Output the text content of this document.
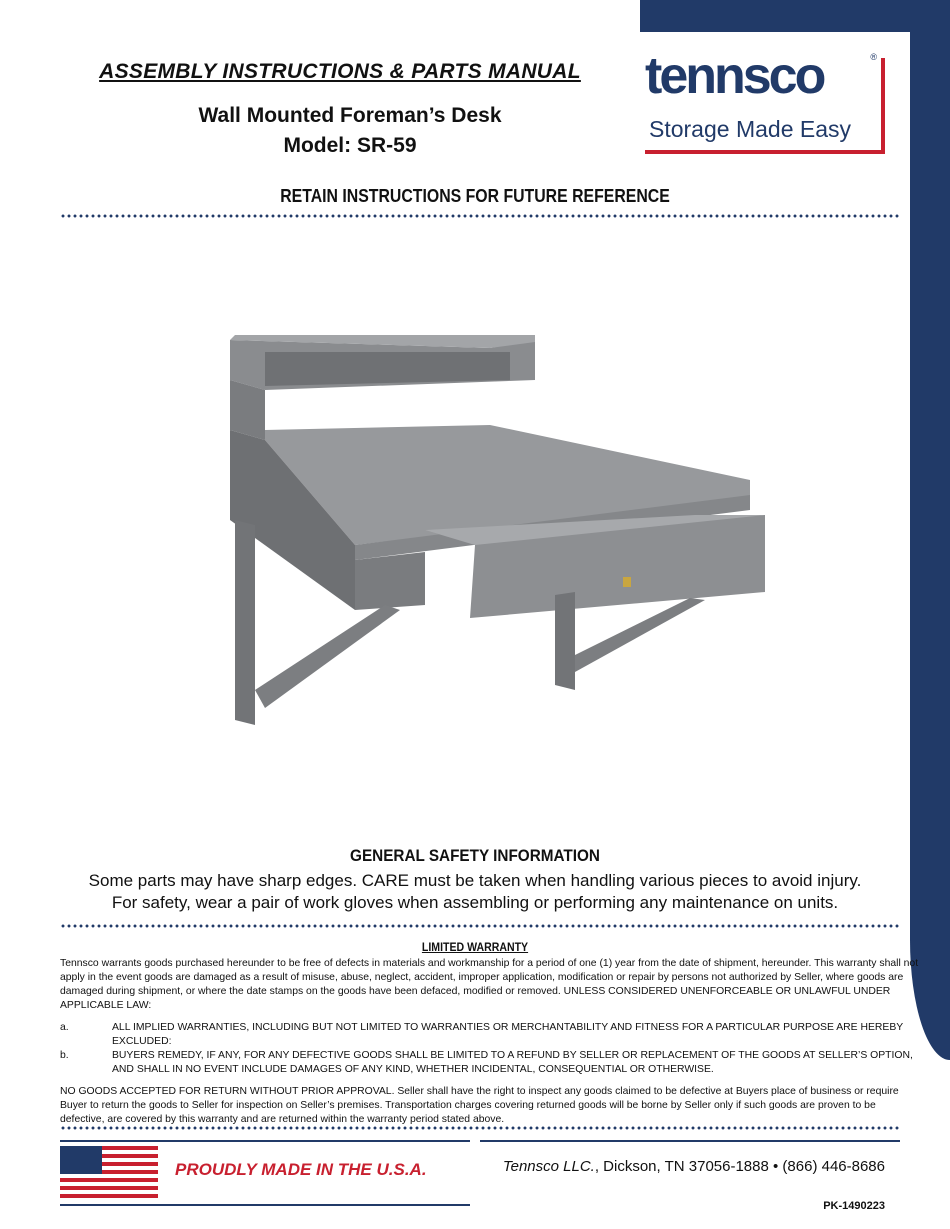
ASSEMBLY INSTRUCTIONS & PARTS MANUAL
Wall Mounted Foreman’s Desk
Model: SR-59
tennsco
Storage Made Easy
®
RETAIN INSTRUCTIONS FOR FUTURE REFERENCE
GENERAL SAFETY INFORMATION
Some parts may have sharp edges. CARE must be taken when handling various pieces to avoid injury.
For safety, wear a pair of work gloves when assembling or performing any maintenance on units.
LIMITED WARRANTY

Tennsco warrants goods purchased hereunder to be free of defects in materials and workmanship for a period of one (1) year from the date of shipment, hereunder. This warranty shall not apply in the event goods are damaged as a result of misuse, abuse, neglect, accident, improper application, modification or repair by persons not authorized by Seller, where goods are damaged during shipment, or where the date stamps on the goods have been defaced, modified or removed. UNLESS CONSIDERED UNENFORCEABLE OR UNLAWFUL UNDER APPLICABLE LAW:

a.	ALL IMPLIED WARRANTIES, INCLUDING BUT NOT LIMITED TO WARRANTIES OR MERCHANTABILITY AND FITNESS FOR A PARTICULAR PURPOSE ARE HEREBY EXCLUDED:
b.	BUYERS REMEDY, IF ANY, FOR ANY DEFECTIVE GOODS SHALL BE LIMITED TO A REFUND BY SELLER OR REPLACEMENT OF THE GOODS AT SELLER’S OPTION, AND SHALL IN NO EVENT INCLUDE DAMAGES OF ANY KIND, WHETHER INCIDENTAL, CONSEQUENTIAL OR OTHERWISE.

NO GOODS ACCEPTED FOR RETURN WITHOUT PRIOR APPROVAL. Seller shall have the right to inspect any goods claimed to be defective at Buyers place of business or require Buyer to return the goods to Seller for inspection on Seller’s premises. Transportation charges covering returned goods will be borne by Seller only if such goods are proven to be defective, are covered by this warranty and are returned within the warranty period stated above.

PROUDLY MADE IN THE U.S.A.	Tennsco LLC., Dickson, TN 37056-1888 • (866) 446-8686
PK-1490223
